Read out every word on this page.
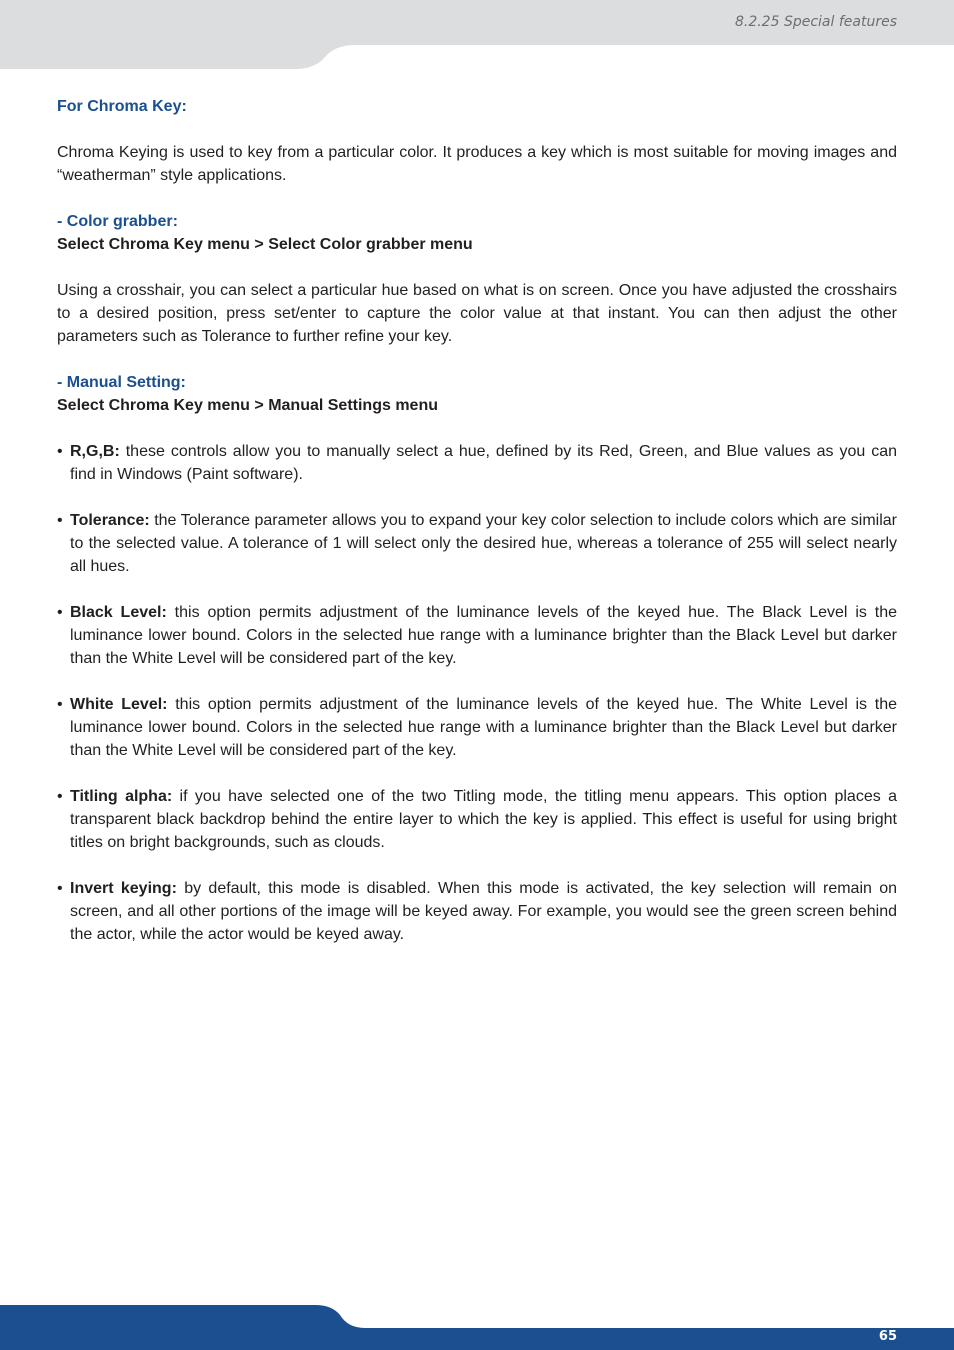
8.2.25 Special features

For Chroma Key:

Chroma Keying is used to key from a particular color. It produces a key which is most suitable for moving images and “weatherman” style applications.

- Color grabber:

Select Chroma Key menu > Select Color grabber menu

Using a crosshair, you can select a particular hue based on what is on screen. Once you have adjusted the crosshairs to a desired position, press set/enter to capture the color value at that instant. You can then adjust the other parameters such as Tolerance to further refine your key.

- Manual Setting:

Select Chroma Key menu > Manual Settings menu

• R,G,B: these controls allow you to manually select a hue, defined by its Red, Green, and Blue values as you can find in Windows (Paint software).

• Tolerance: the Tolerance parameter allows you to expand your key color selection to include colors which are similar to the selected value. A tolerance of 1 will select only the desired hue, whereas a tolerance of 255 will select nearly all hues.

• Black Level: this option permits adjustment of the luminance levels of the keyed hue. The Black Level is the luminance lower bound. Colors in the selected hue range with a luminance brighter than the Black Level but darker than the White Level will be considered part of the key.

• White Level: this option permits adjustment of the luminance levels of the keyed hue. The White Level is the luminance lower bound. Colors in the selected hue range with a luminance brighter than the Black Level but darker than the White Level will be considered part of the key.

• Titling alpha: if you have selected one of the two Titling mode, the titling menu appears. This option places a transparent black backdrop behind the entire layer to which the key is applied. This effect is useful for using bright titles on bright backgrounds, such as clouds.

• Invert keying: by default, this mode is disabled. When this mode is activated, the key selection will remain on screen, and all other portions of the image will be keyed away. For example, you would see the green screen behind the actor, while the actor would be keyed away.

65
